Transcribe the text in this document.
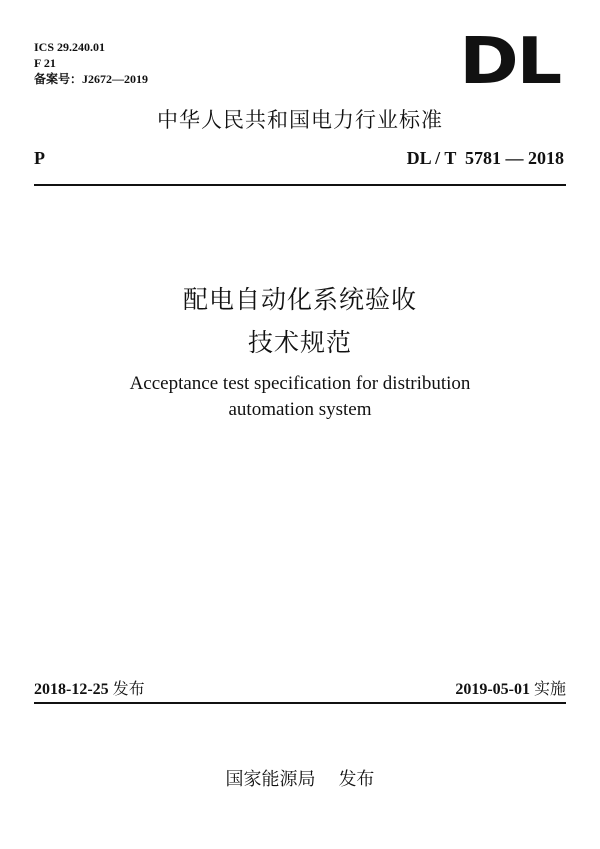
ICS 29.240.01
F 21
备案号：J2672—2019	DL
中华人民共和国电力行业标准
P	DL / T  5781 — 2018
配电自动化系统验收
技术规范
Acceptance test specification for distribution
automation system
2018-12-25 发布	2019-05-01 实施
国家能源局 发布
